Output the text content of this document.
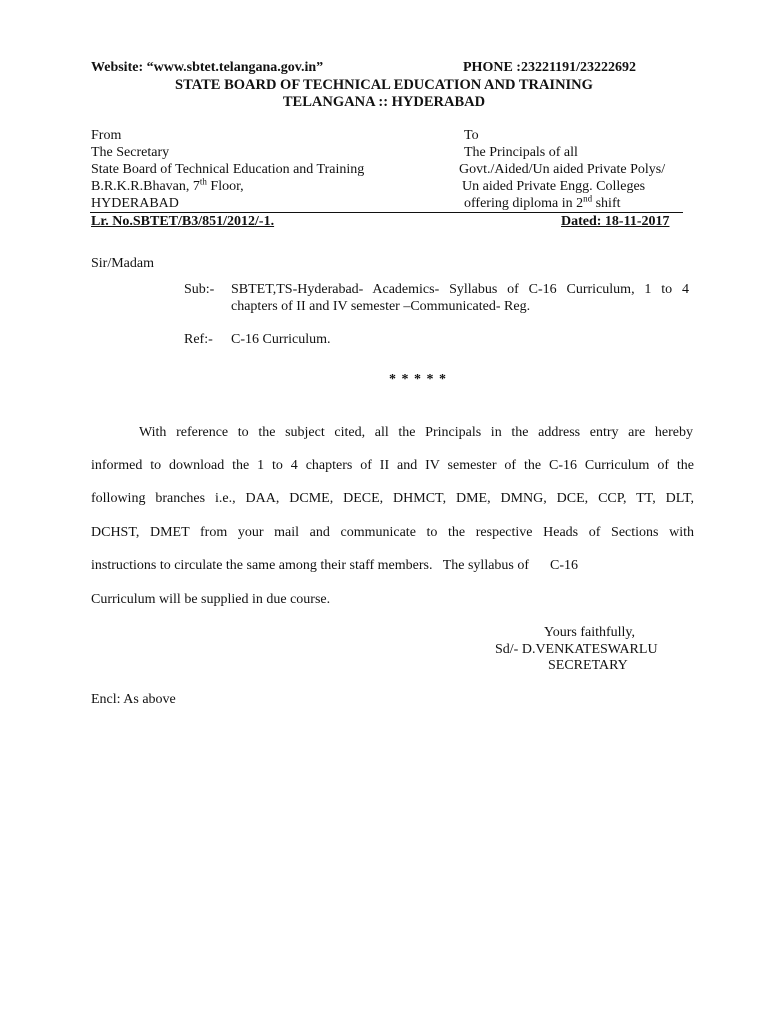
Website: “www.sbtet.telangana.gov.in”	PHONE :23221191/23222692
STATE BOARD OF TECHNICAL EDUCATION AND TRAINING
TELANGANA :: HYDERABAD
From
The Secretary
State Board of Technical Education and Training
B.R.K.R.Bhavan, 7th Floor,
HYDERABAD
To
The Principals of all
Govt./Aided/Un aided Private Polys/
Un aided Private Engg. Colleges
offering diploma in 2nd shift
Lr. No.SBTET/B3/851/2012/-1.	Dated: 18-11-2017
Sir/Madam
Sub:- SBTET,TS-Hyderabad- Academics- Syllabus of C-16 Curriculum, 1 to 4
chapters of II and IV semester –Communicated- Reg.
Ref:- C-16 Curriculum.
* * * * *
With reference to the subject cited, all the Principals in the address entry are hereby
informed to download the 1 to 4 chapters of II and IV semester of the C-16 Curriculum of the
following branches i.e., DAA, DCME, DECE, DHMCT, DME, DMNG, DCE, CCP, TT, DLT,
DCHST, DMET from your mail and communicate to the respective Heads of Sections with
instructions to circulate the same among their staff members.   The syllabus of      C-16
Curriculum will be supplied in due course.
Yours faithfully,
Sd/- D.VENKATESWARLU
SECRETARY
Encl: As above
